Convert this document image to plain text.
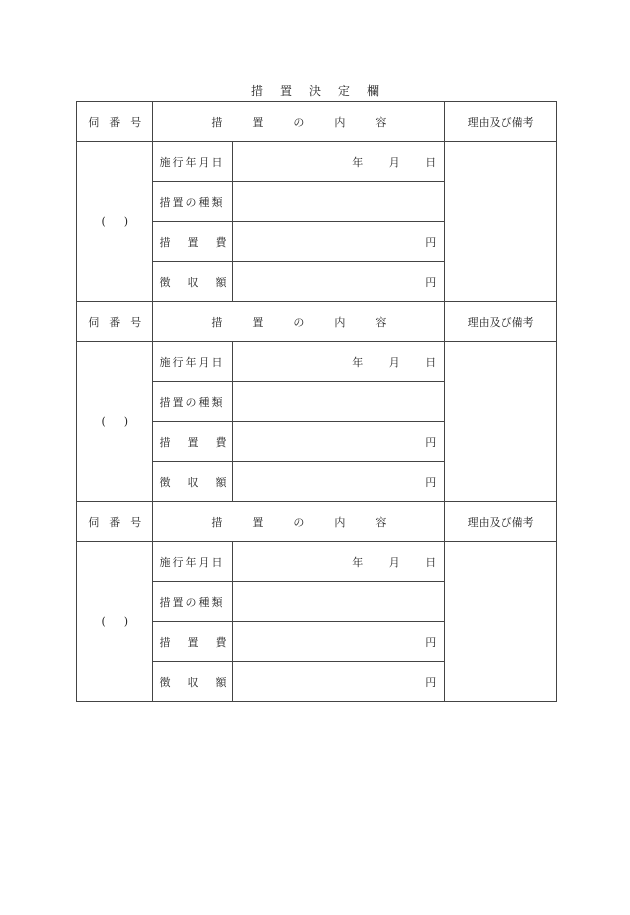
措置決定欄
伺番号	措置の内容		理由及び備考
()	施行年月日	年 月 日	
	措置の種類		
	措置費	円	
	徴収額	円	
伺番号	措置の内容		理由及び備考
()	施行年月日	年 月 日	
	措置の種類		
	措置費	円	
	徴収額	円	
伺番号	措置の内容		理由及び備考
()	施行年月日	年 月 日	
	措置の種類		
	措置費	円	
	徴収額	円	
